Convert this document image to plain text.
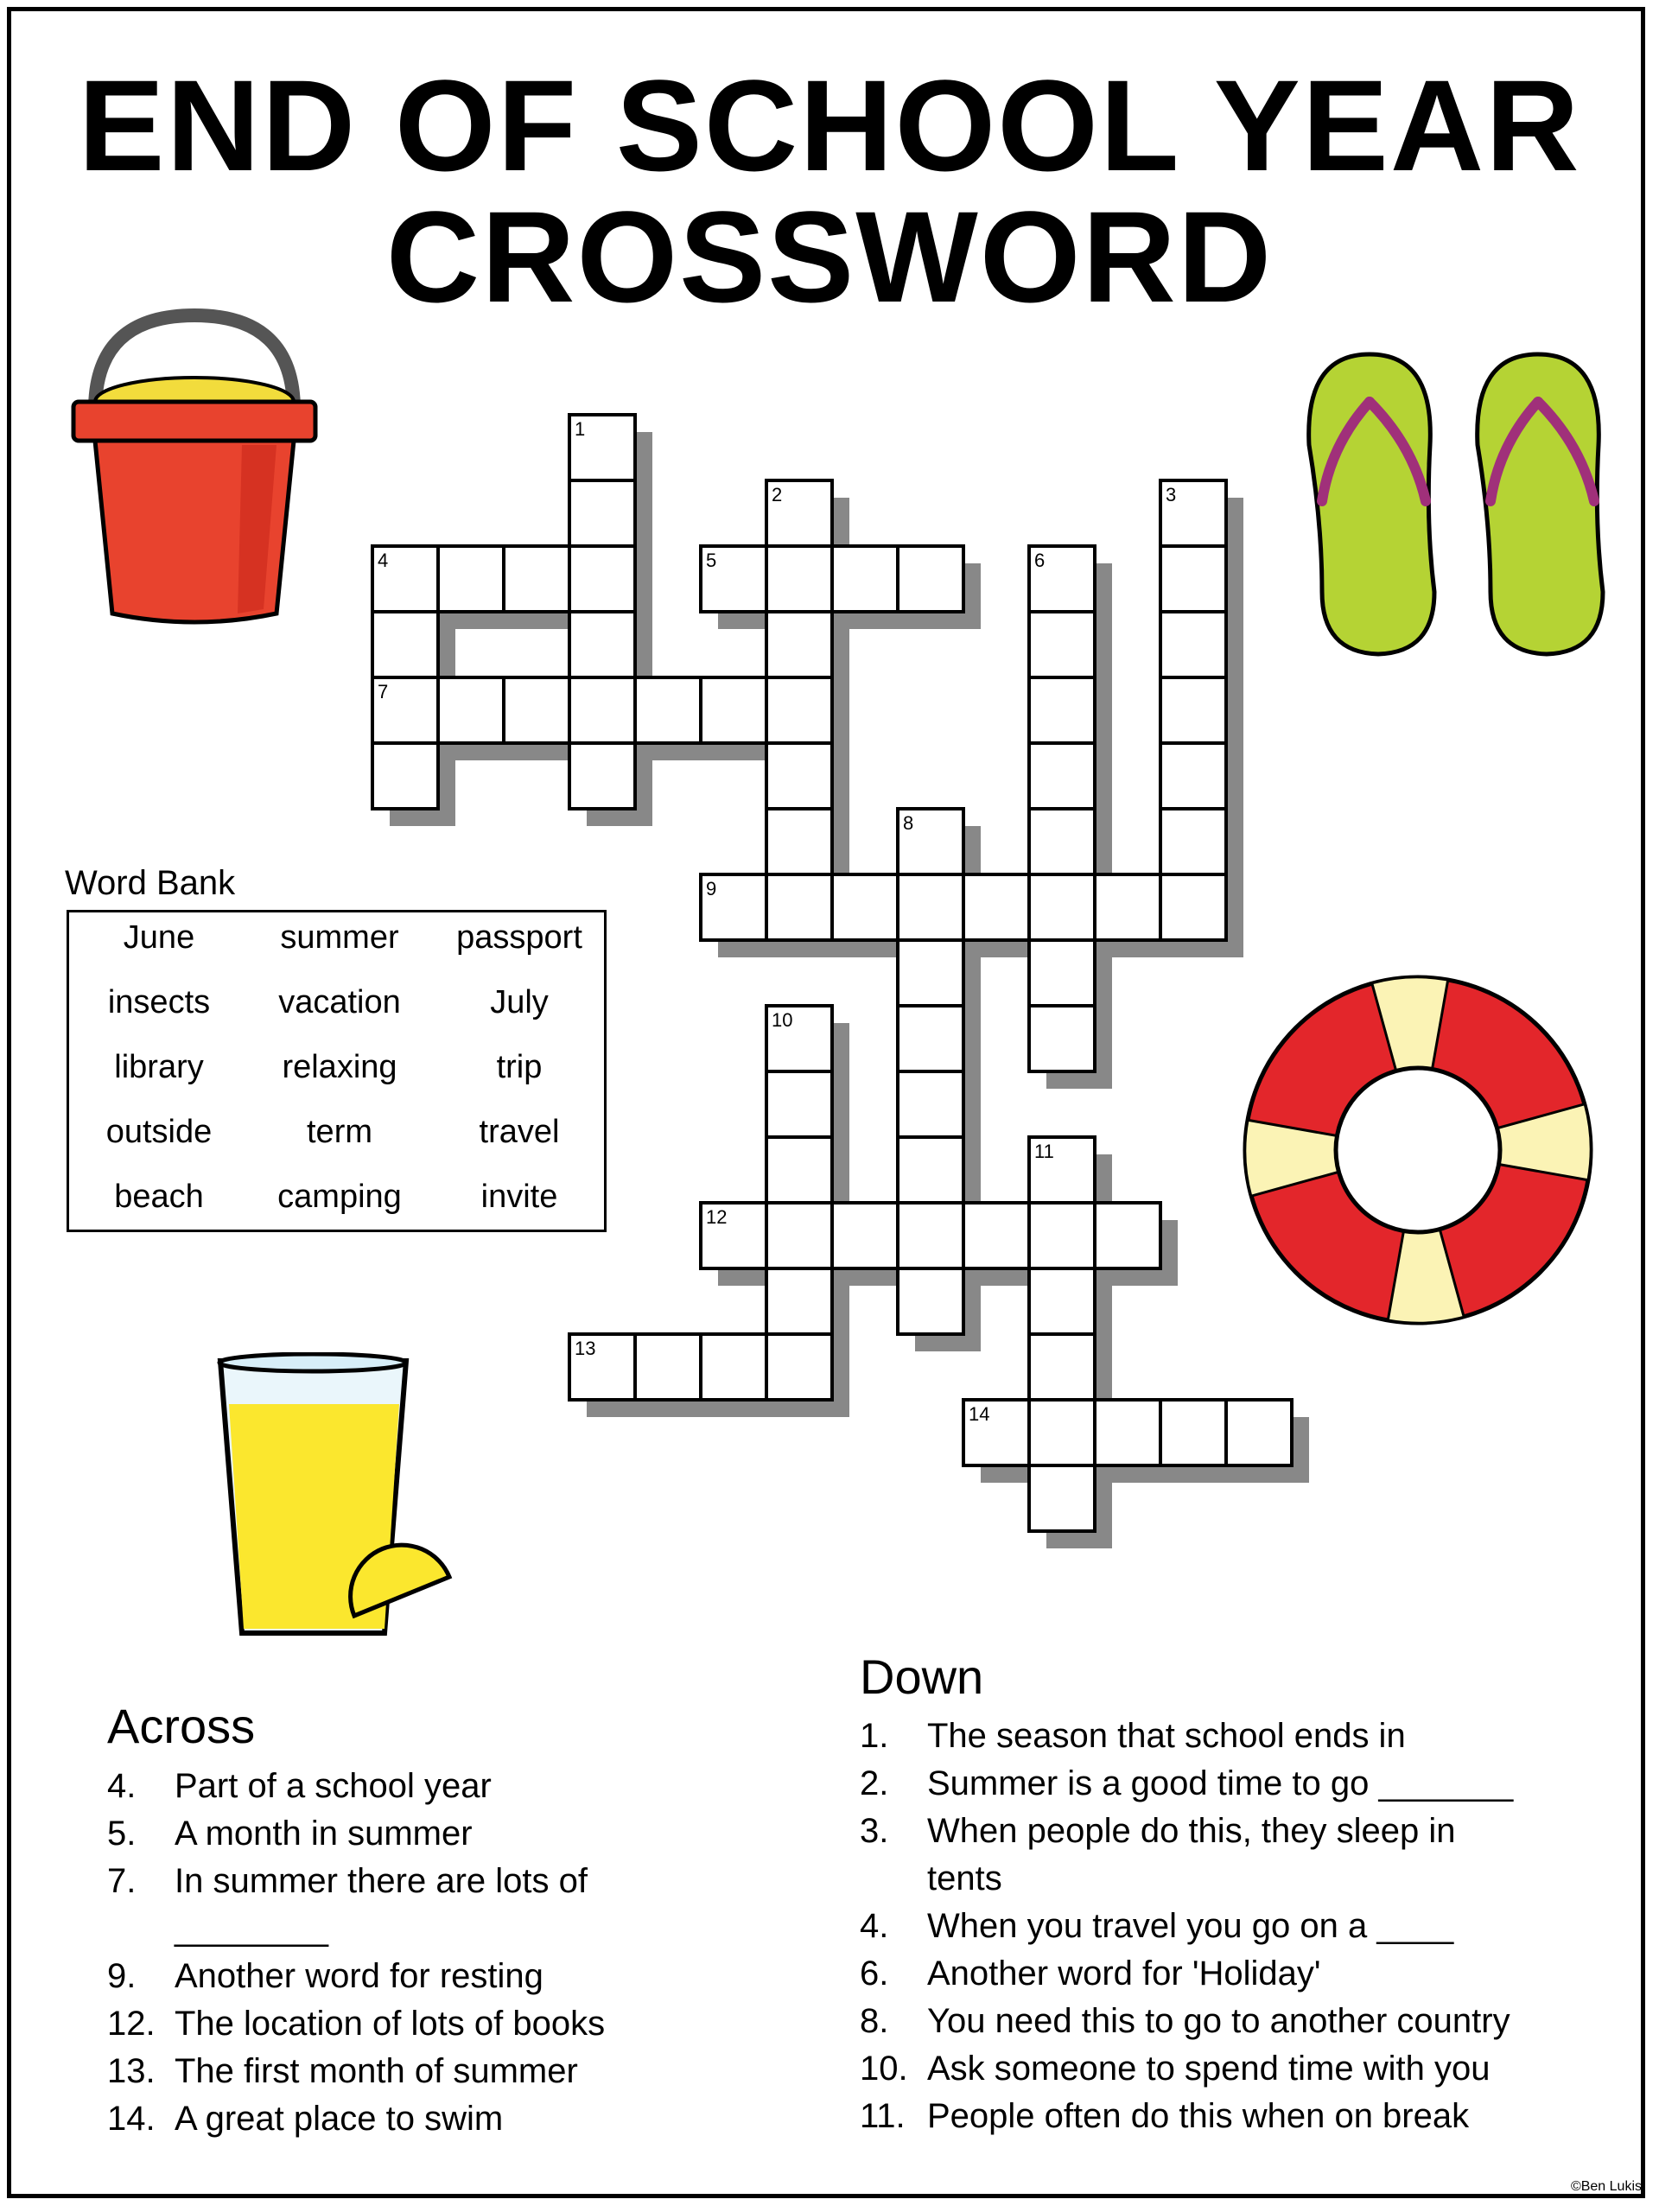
END OF SCHOOL YEAR
CROSSWORD
1
2	3
4
7
5	6
8
9
10
11
12
13
14
Word Bank
June	summer	passport
insects	vacation	July
library	relaxing	trip
outside	term	travel
beach	camping	invite
Across
4.	Part of a school year
5.	A month in summer
7.	In summer there are lots of
________
9.	Another word for resting
12. The location of lots of books
13. The first month of summer
14. A great place to swim
Down
1.	The season that school ends in
2.	Summer is a good time to go _______
3.	When people do this, they sleep in
tents
4.	When you travel you go on a ____
6.	Another word for 'Holiday'
8.	You need this to go to another country
10. Ask someone to spend time with you
11. People often do this when on break
©Ben Lukis
